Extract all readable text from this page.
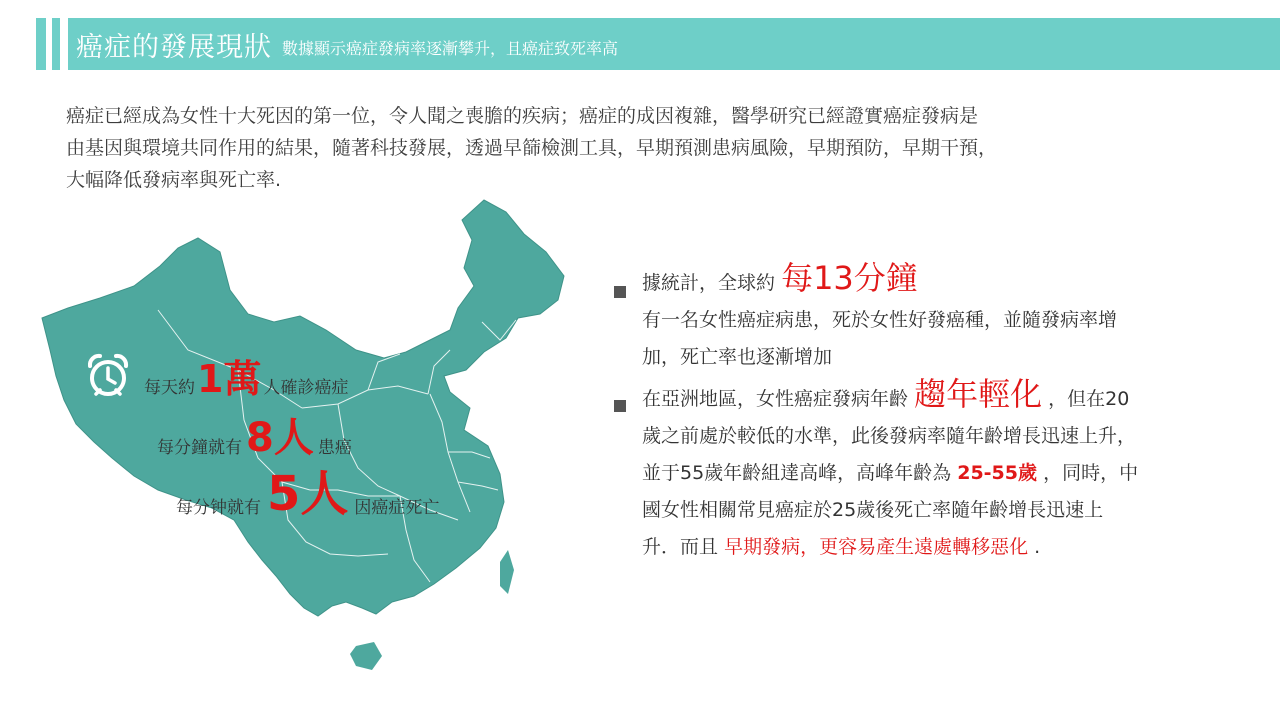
癌症的發展現狀 數據顯示癌症發病率逐漸攀升，且癌症致死率高

癌症已經成為女性十大死因的第一位，令人聞之喪膽的疾病；癌症的成因複雜，醫學研究已經證實癌症發病是

由基因與環境共同作用的結果，隨著科技發展，透過早篩檢測工具，早期預測患病風險，早期預防，早期干預，

大幅降低發病率與死亡率.

每天約 1萬 人確診癌症
每分鐘就有 8人 患癌
每分钟就有 5人 因癌症死亡
據統計，全球約 每13分鐘
有一名女性癌症病患，死於女性好發癌種，並隨發病率增
加，死亡率也逐漸增加
在亞洲地區，女性癌症發病年齡 趨年輕化 ，但在20
歲之前處於較低的水準，此後發病率隨年齡增長迅速上升，
並于55歲年齡組達高峰，高峰年齡為 25-55歲 ，同時，中
國女性相關常見癌症於25歲後死亡率隨年齡增長迅速上
升．而且 早期發病，更容易產生遠處轉移惡化 .
